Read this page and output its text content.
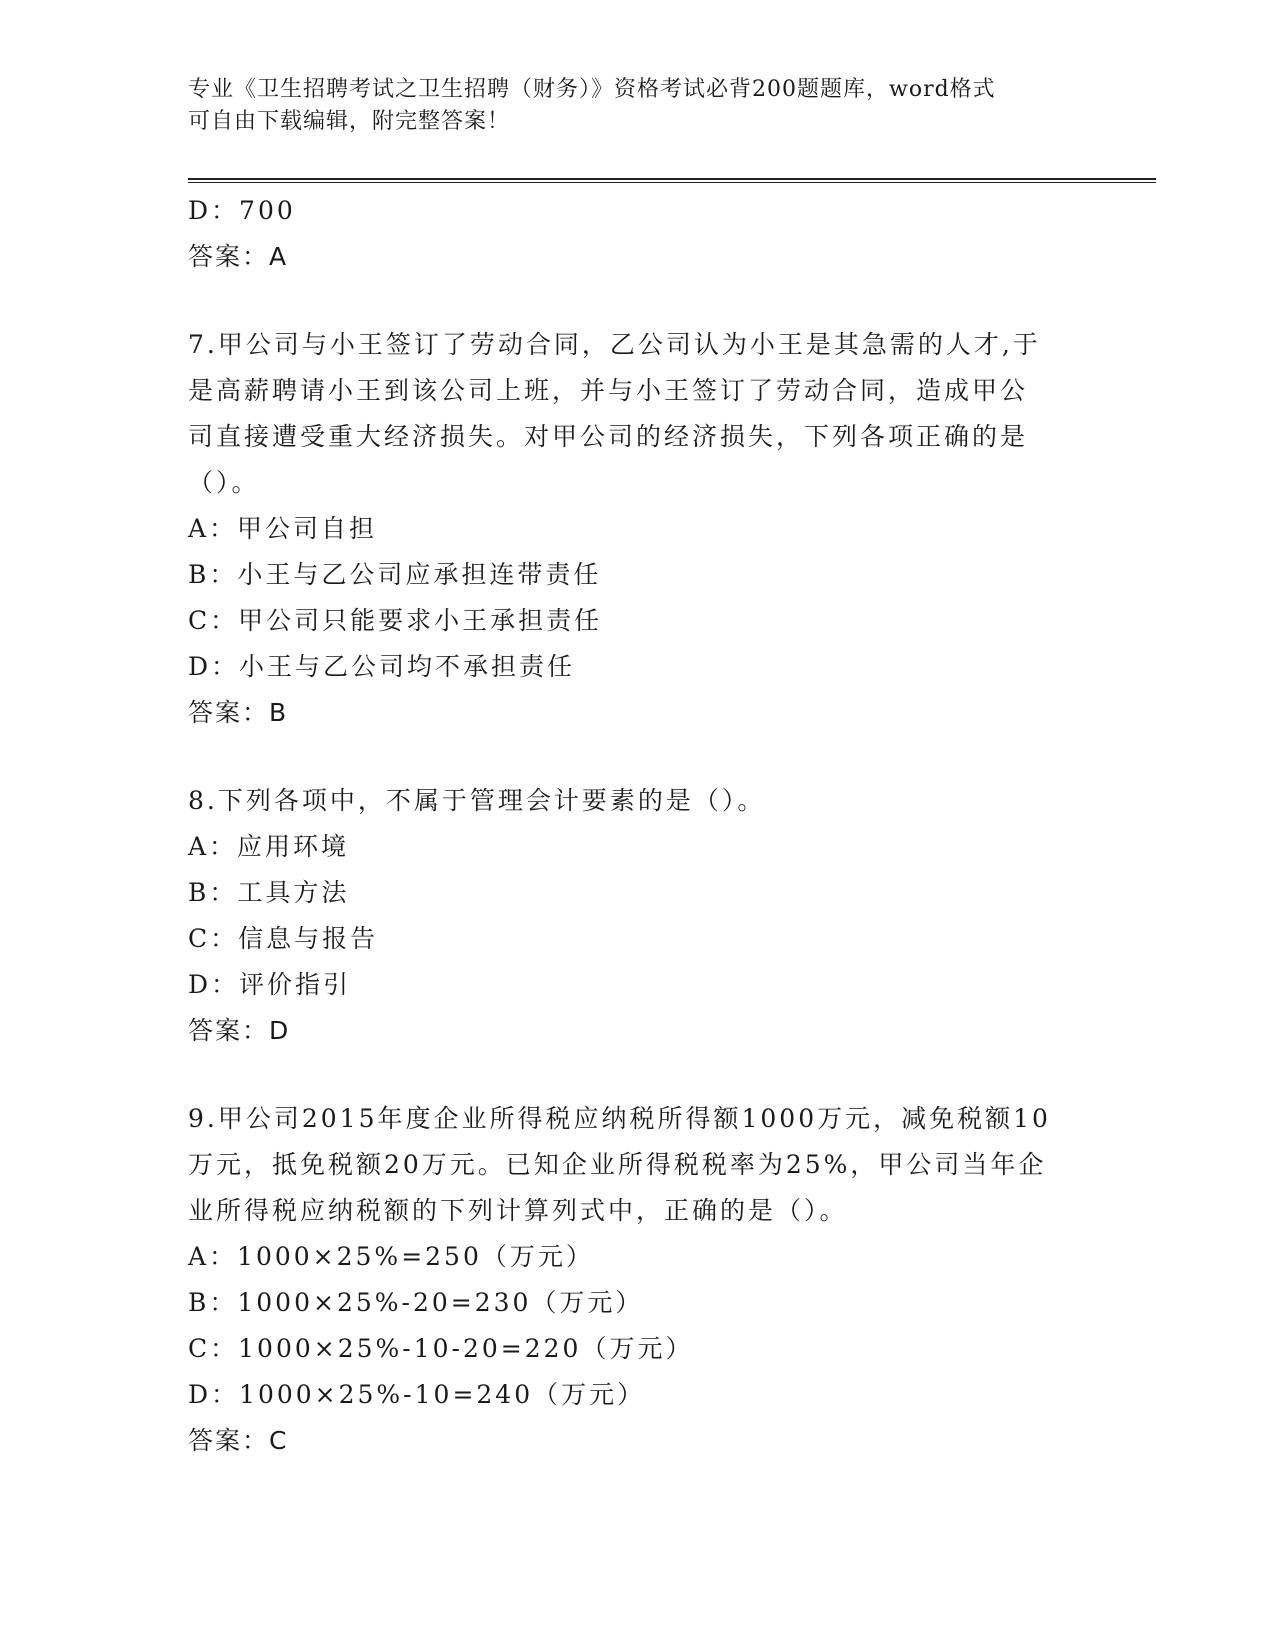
专业《卫生招聘考试之卫生招聘（财务）》资格考试必背200题题库，word格式
可自由下载编辑，附完整答案！
D：700
答案：A
7.甲公司与小王签订了劳动合同，乙公司认为小王是其急需的人才,于
是高薪聘请小王到该公司上班，并与小王签订了劳动合同，造成甲公
司直接遭受重大经济损失。对甲公司的经济损失，下列各项正确的是
（）。
A：甲公司自担
B：小王与乙公司应承担连带责任
C：甲公司只能要求小王承担责任
D：小王与乙公司均不承担责任
答案：B
8.下列各项中，不属于管理会计要素的是（）。
A：应用环境
B：工具方法
C：信息与报告
D：评价指引
答案：D
9.甲公司2015年度企业所得税应纳税所得额1000万元，减免税额10
万元，抵免税额20万元。已知企业所得税税率为25%，甲公司当年企
业所得税应纳税额的下列计算列式中，正确的是（）。
A：1000×25%=250（万元）
B：1000×25%-20=230（万元）
C：1000×25%-10-20=220（万元）
D：1000×25%-10=240（万元）
答案：C
